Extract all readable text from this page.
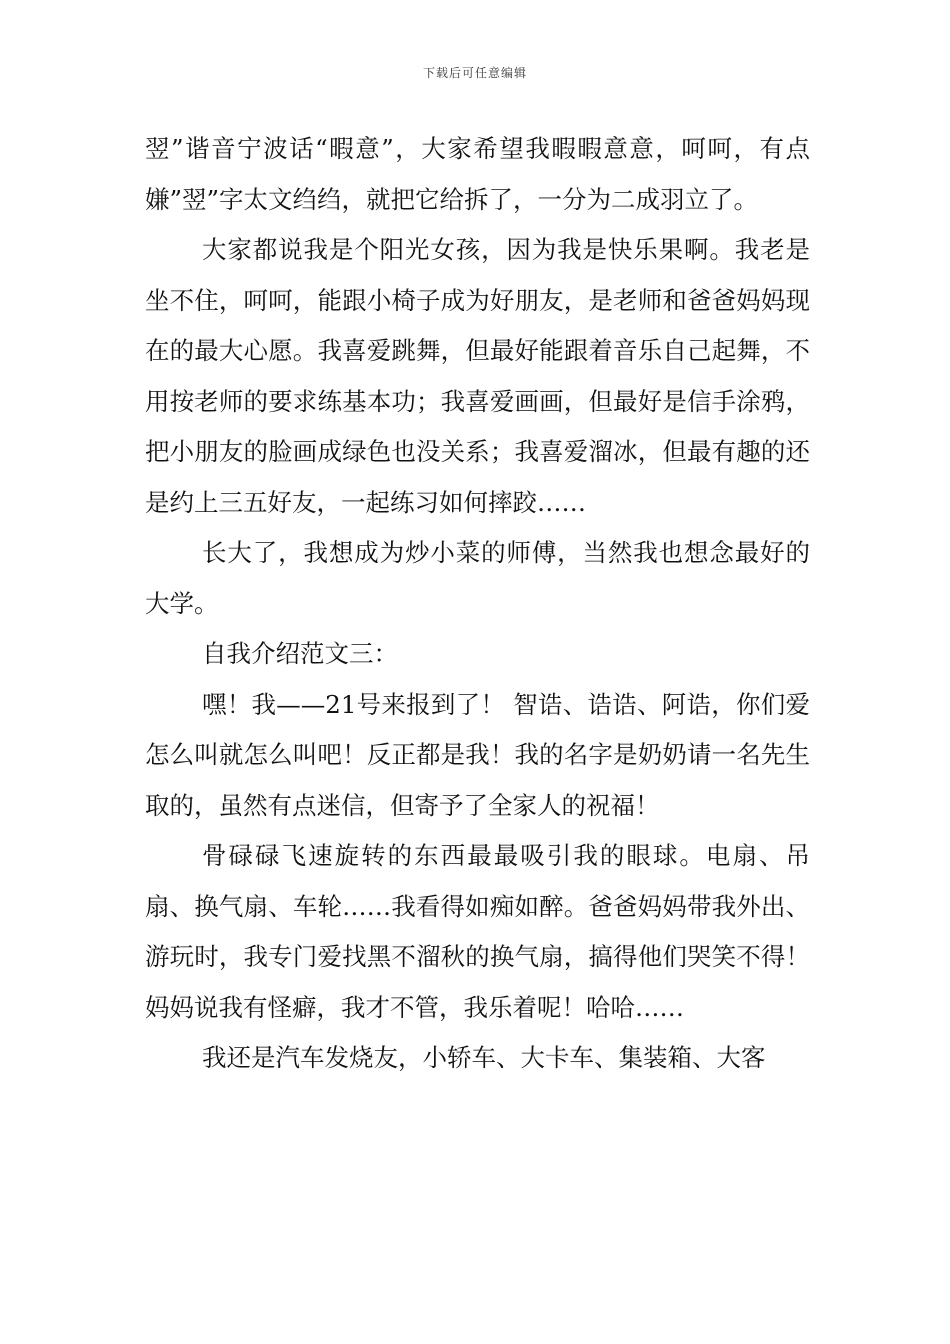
下载后可任意编辑

翌”谐音宁波话“暇意”，大家希望我暇暇意意，呵呵，有点嫌”翌”字太文绉绉，就把它给拆了，一分为二成羽立了。

大家都说我是个阳光女孩，因为我是快乐果啊。我老是坐不住，呵呵，能跟小椅子成为好朋友，是老师和爸爸妈妈现在的最大心愿。我喜爱跳舞，但最好能跟着音乐自己起舞，不用按老师的要求练基本功；我喜爱画画，但最好是信手涂鸦，把小朋友的脸画成绿色也没关系；我喜爱溜冰，但最有趣的还是约上三五好友，一起练习如何摔跤……

长大了，我想成为炒小菜的师傅，当然我也想念最好的大学。

自我介绍范文三：

嘿！我——21号来报到了！ 智诰、诰诰、阿诰，你们爱怎么叫就怎么叫吧！反正都是我！我的名字是奶奶请一名先生取的，虽然有点迷信，但寄予了全家人的祝福！

骨碌碌飞速旋转的东西最最吸引我的眼球。电扇、吊扇、换气扇、车轮……我看得如痴如醉。爸爸妈妈带我外出、游玩时，我专门爱找黑不溜秋的换气扇，搞得他们哭笑不得！妈妈说我有怪癖，我才不管，我乐着呢！哈哈……

我还是汽车发烧友，小轿车、大卡车、集装箱、大客
